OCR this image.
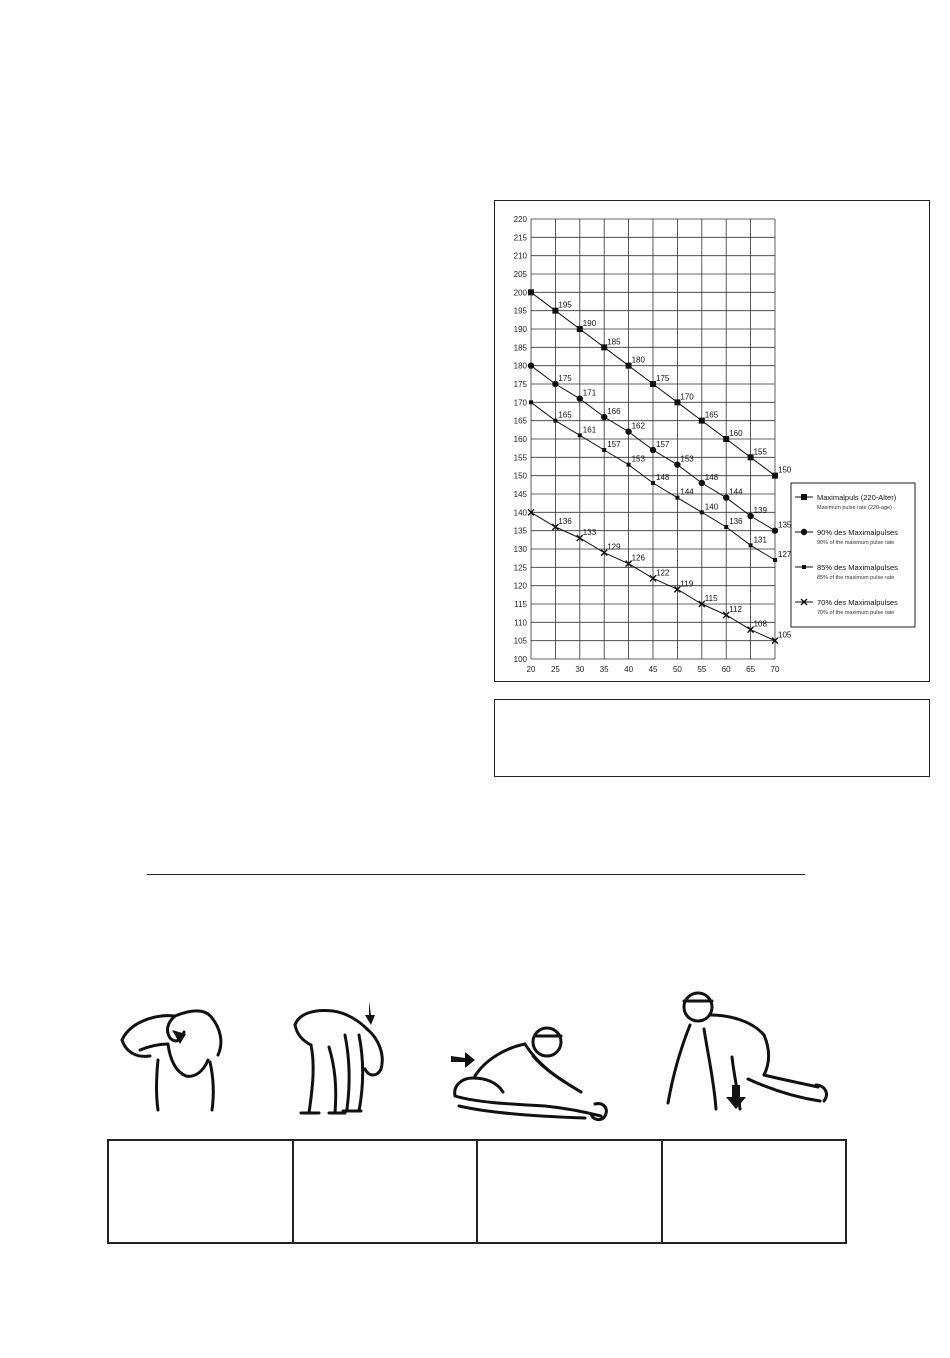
100
105
110
115
120
125
130
135
140
145
150
155
160
165
170
175
180
185
190
195
200
205
210
215
220
20 25 30 35 40 45 50 55 60 65 70
195
190
185
180
175
170
165
160
155
150
175
171
166
162
157
153
148
144
139
135
165
161
157
153
148
144
140
136
131
127
136
133
129
126
122
119
115
112
108
105
Maximalpuls (220-Alter)
Maximum pulse rate (220-age)
90% des Maximalpulses
90% of the maximum pulse rate
85% des Maximalpulses
85% of the maximum pulse rate
70% des Maximalpulses
70% of the maximum pulse rate
